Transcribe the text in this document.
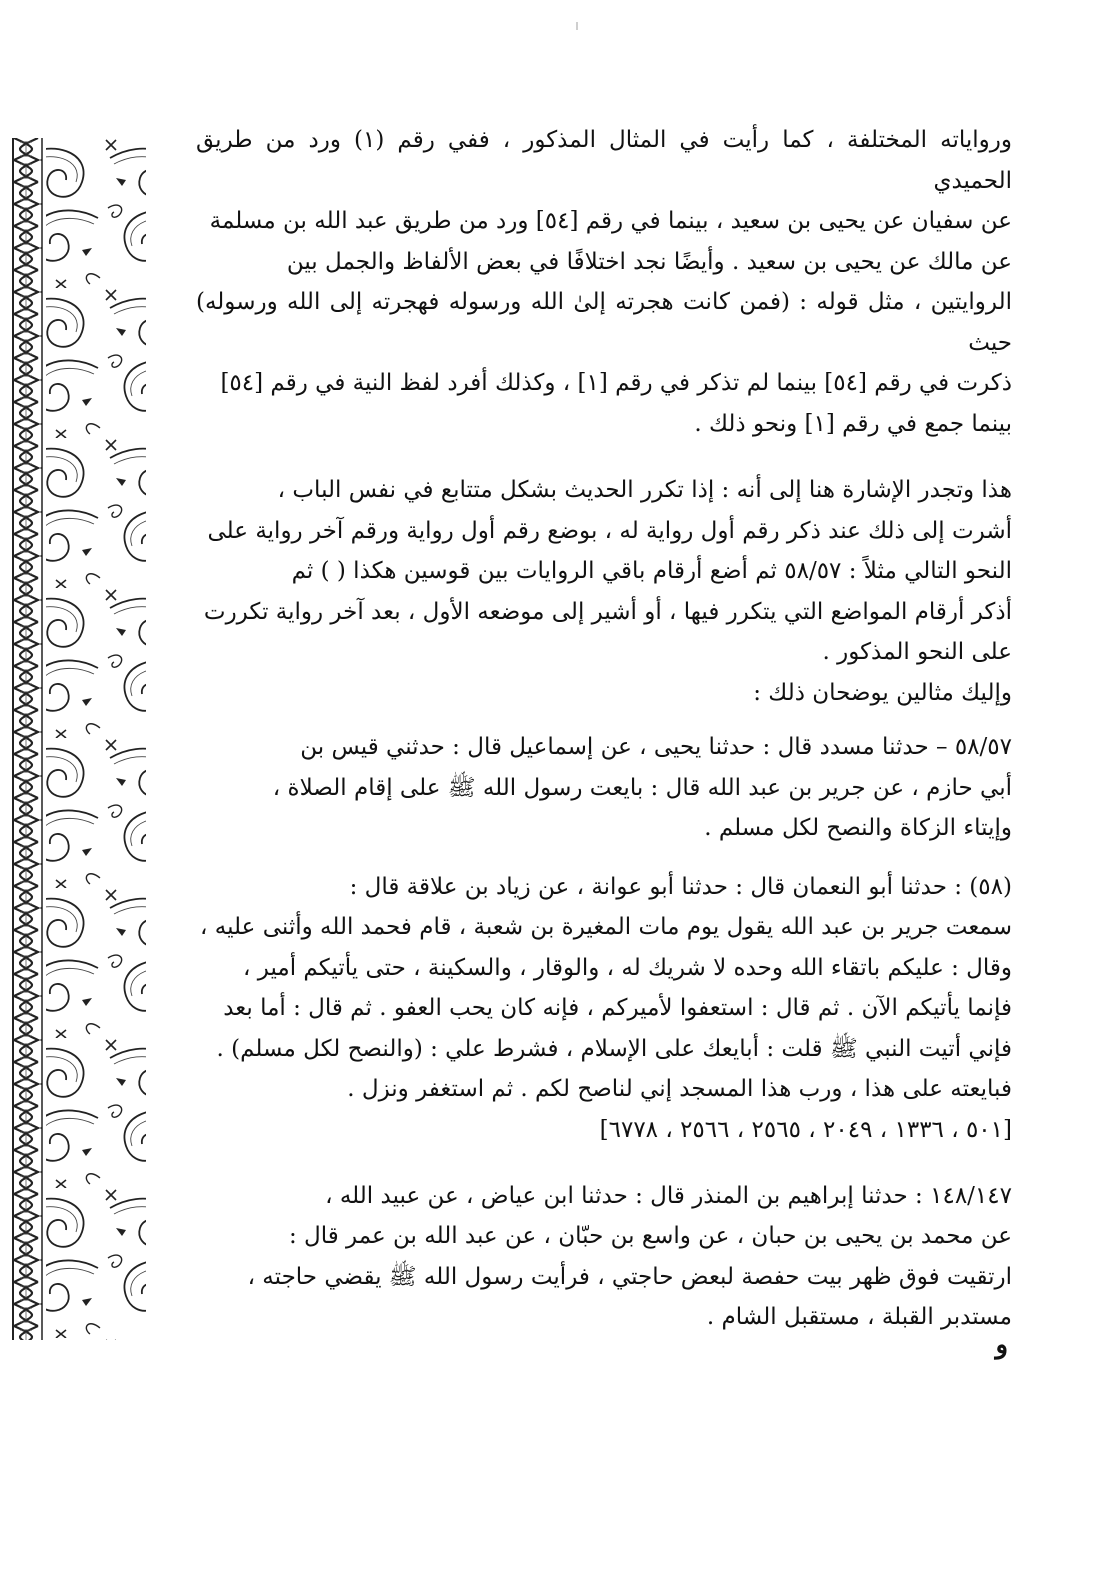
ورواياته المختلفة ، كما رأيت في المثال المذكور ، ففي رقم (١) ورد من طريق الحميدي
عن سفيان عن يحيى بن سعيد ، بينما في رقم [٥٤] ورد من طريق عبد الله بن مسلمة
عن مالك عن يحيى بن سعيد . وأيضًا نجد اختلافًا في بعض الألفاظ والجمل بين
الروايتين ، مثل قوله : (فمن كانت هجرته إلىٰ الله ورسوله فهجرته إلى الله ورسوله) حيث
ذكرت في رقم [٥٤] بينما لم تذكر في رقم [١] ، وكذلك أفرد لفظ النية في رقم [٥٤]
بينما جمع في رقم [١] ونحو ذلك .

هذا وتجدر الإشارة هنا إلى أنه : إذا تكرر الحديث بشكل متتابع في نفس الباب ،
أشرت إلى ذلك عند ذكر رقم أول رواية له ، بوضع رقم أول رواية ورقم آخر رواية على
النحو التالي مثلاً : ٥٨/٥٧ ثم أضع أرقام باقي الروايات بين قوسين هكذا ( ) ثم
أذكر أرقام المواضع التي يتكرر فيها ، أو أشير إلى موضعه الأول ، بعد آخر رواية تكررت
على النحو المذكور .

وإليك مثالين يوضحان ذلك :

٥٨/٥٧ – حدثنا مسدد قال : حدثنا يحيى ، عن إسماعيل قال : حدثني قيس بن
أبي حازم ، عن جرير بن عبد الله قال : بايعت رسول الله ﷺ على إقام الصلاة ،
وإيتاء الزكاة والنصح لكل مسلم .

(٥٨) : حدثنا أبو النعمان قال : حدثنا أبو عوانة ، عن زياد بن علاقة قال :
سمعت جرير بن عبد الله يقول يوم مات المغيرة بن شعبة ، قام فحمد الله وأثنى عليه ،
وقال : عليكم باتقاء الله وحده لا شريك له ، والوقار ، والسكينة ، حتى يأتيكم أمير ،
فإنما يأتيكم الآن . ثم قال : استعفوا لأميركم ، فإنه كان يحب العفو . ثم قال : أما بعد
فإني أتيت النبي ﷺ قلت : أبايعك على الإسلام ، فشرط علي : (والنصح لكل مسلم) .
فبايعته على هذا ، ورب هذا المسجد إني لناصح لكم . ثم استغفر ونزل .

[٥٠١ ، ١٣٣٦ ، ٢٠٤٩ ، ٢٥٦٥ ، ٢٥٦٦ ، ٦٧٧٨]

١٤٨/١٤٧ : حدثنا إبراهيم بن المنذر قال : حدثنا ابن عياض ، عن عبيد الله ،
عن محمد بن يحيى بن حبان ، عن واسع بن حبّان ، عن عبد الله بن عمر قال :
ارتقيت فوق ظهر بيت حفصة لبعض حاجتي ، فرأيت رسول الله ﷺ يقضي حاجته ،
مستدبر القبلة ، مستقبل الشام .

و
